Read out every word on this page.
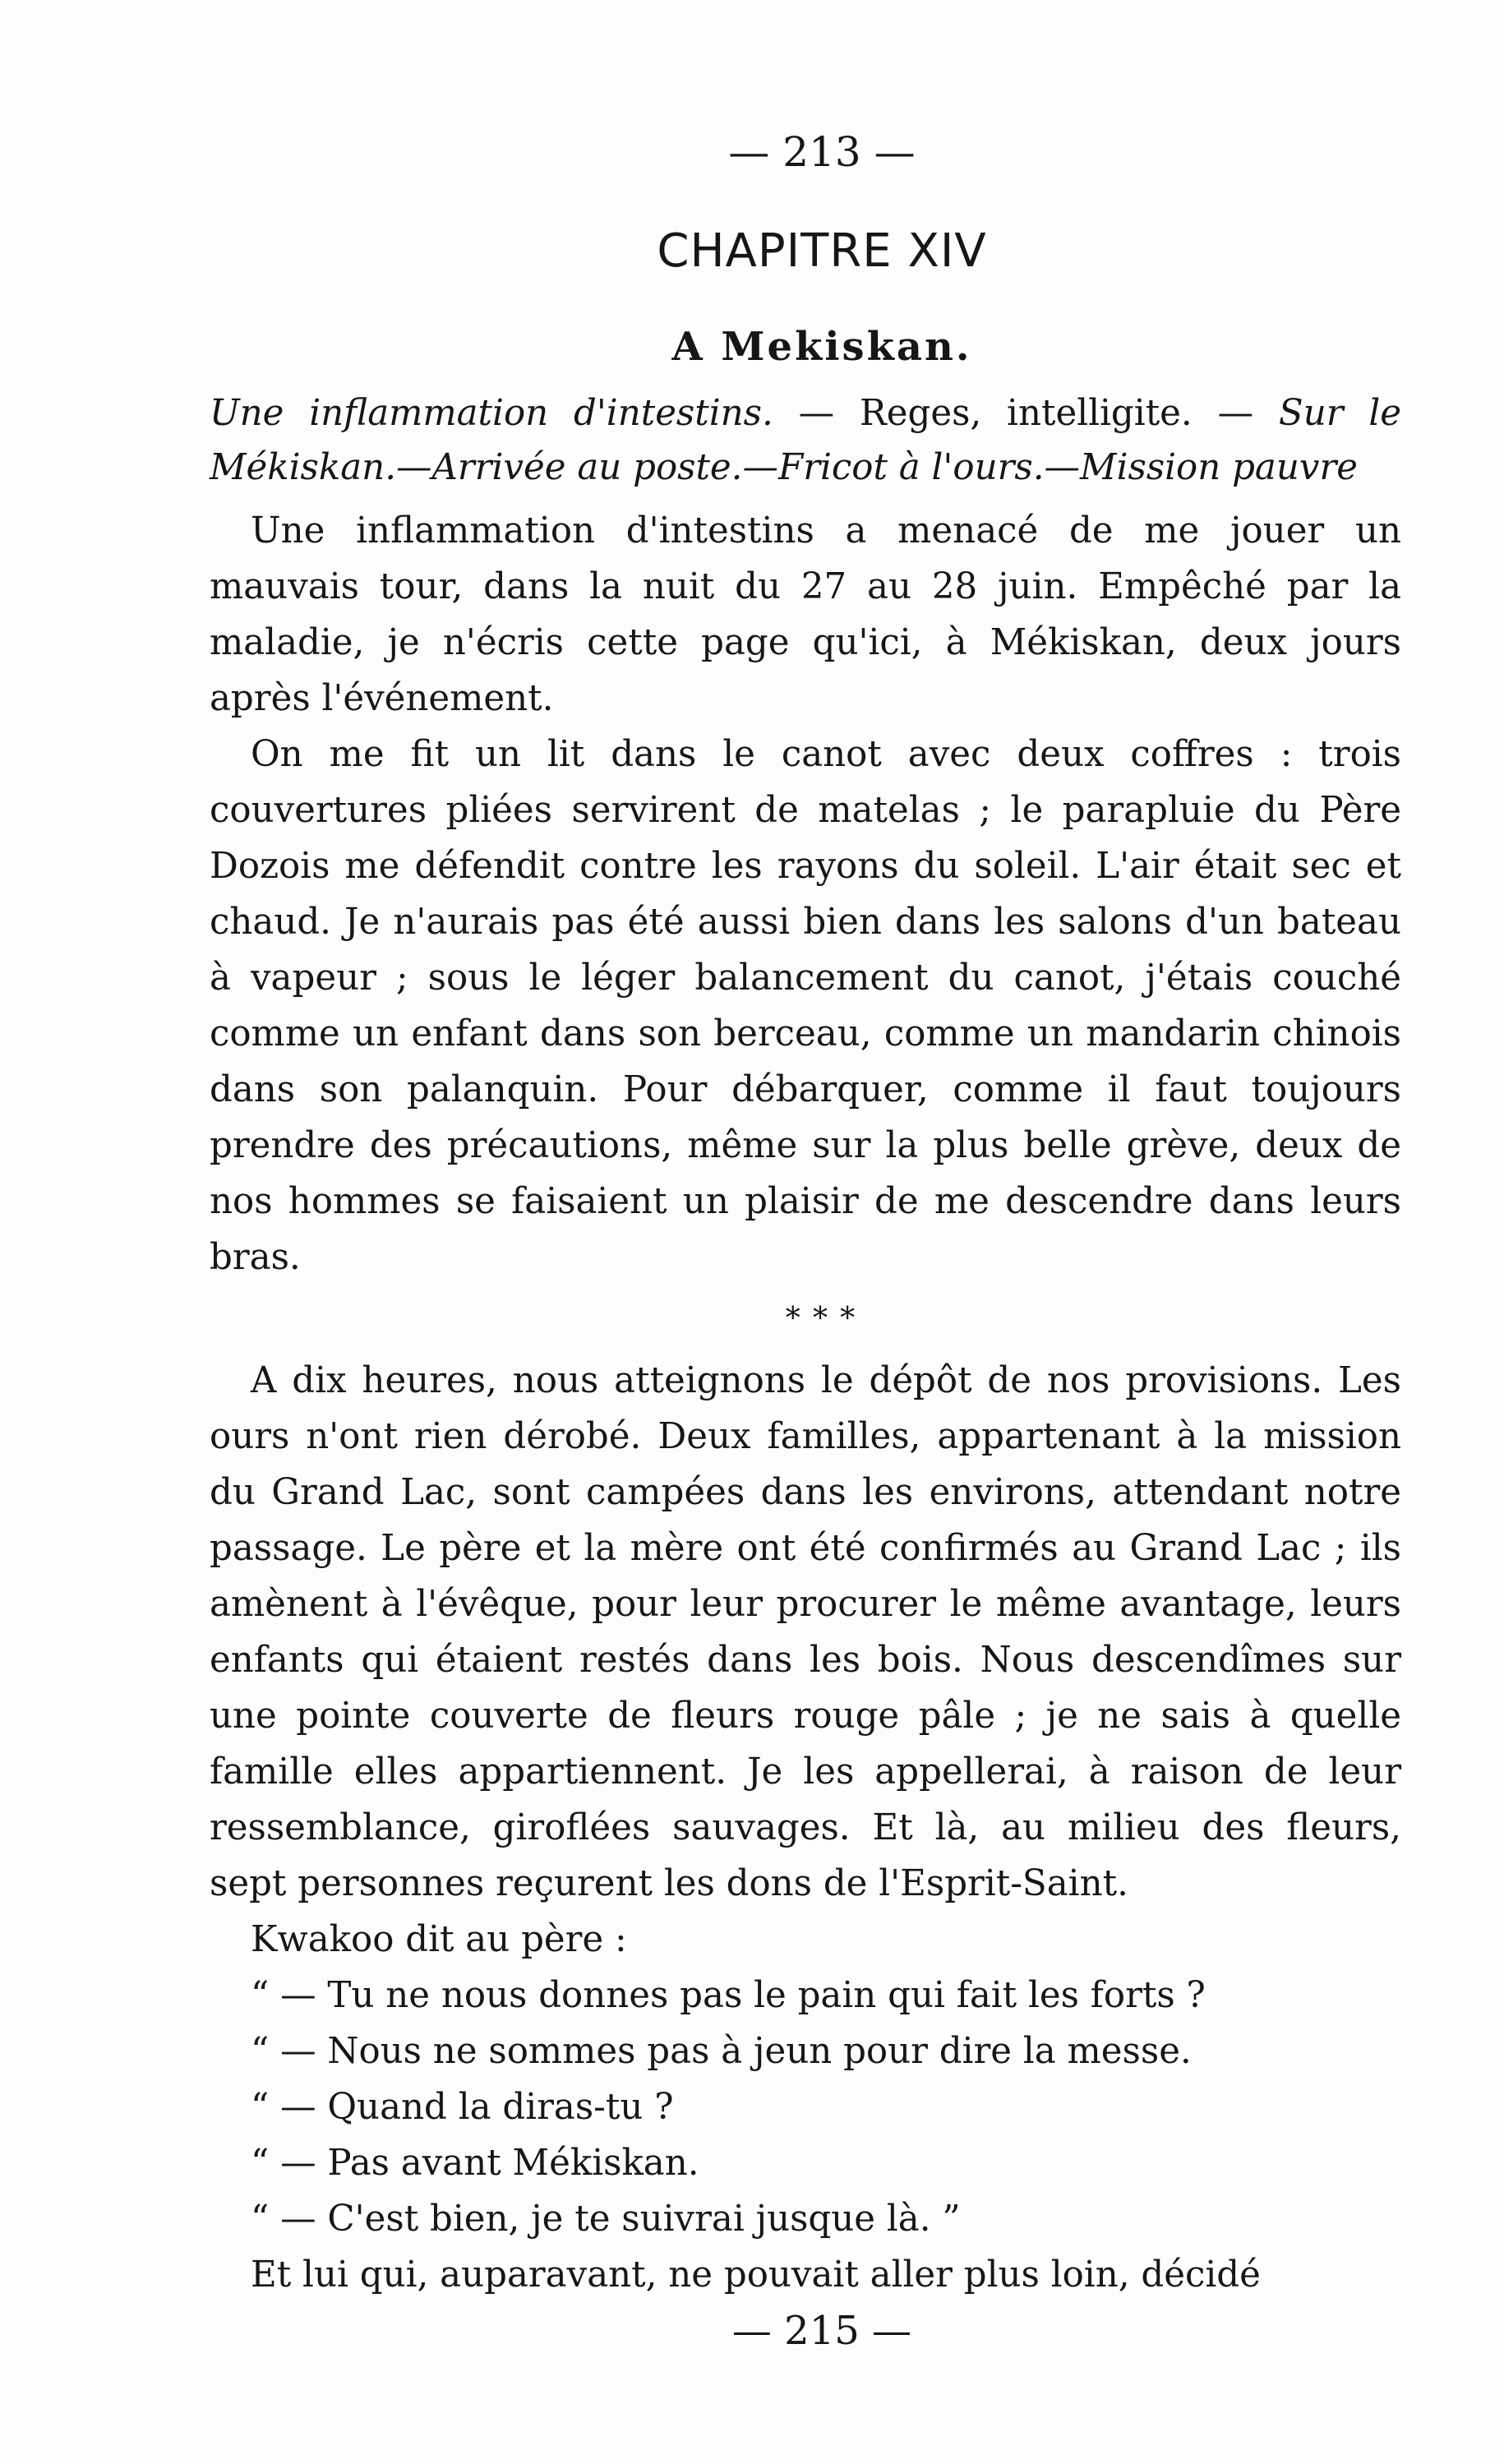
— 213 —
CHAPITRE XIV
A Mekiskan.
Une inflammation d'intestins. — Reges, intelligite. — Sur le Mékiskan.—Arrivée au poste.—Fricot à l'ours.—Mission pauvre

Une inflammation d'intestins a menacé de me jouer un mauvais tour, dans la nuit du 27 au 28 juin. Empêché par la maladie, je n'écris cette page qu'ici, à Mékiskan, deux jours après l'événement.

On me fit un lit dans le canot avec deux coffres : trois couvertures pliées servirent de matelas ; le parapluie du Père Dozois me défendit contre les rayons du soleil. L'air était sec et chaud. Je n'aurais pas été aussi bien dans les salons d'un bateau à vapeur ; sous le léger balancement du canot, j'étais couché comme un enfant dans son berceau, comme un mandarin chinois dans son palanquin. Pour débarquer, comme il faut toujours prendre des précautions, même sur la plus belle grève, deux de nos hommes se faisaient un plaisir de me descendre dans leurs bras.

* * *

A dix heures, nous atteignons le dépôt de nos provisions. Les ours n'ont rien dérobé. Deux familles, appartenant à la mission du Grand Lac, sont campées dans les environs, attendant notre passage. Le père et la mère ont été confirmés au Grand Lac ; ils amènent à l'évêque, pour leur procurer le même avantage, leurs enfants qui étaient restés dans les bois. Nous descendîmes sur une pointe couverte de fleurs rouge pâle ; je ne sais à quelle famille elles appartiennent. Je les appellerai, à raison de leur ressemblance, giroflées sauvages. Et là, au milieu des fleurs, sept personnes reçurent les dons de l'Esprit-Saint.

Kwakoo dit au père :
“ — Tu ne nous donnes pas le pain qui fait les forts ?
“ — Nous ne sommes pas à jeun pour dire la messe.
“ — Quand la diras-tu ?
“ — Pas avant Mékiskan.
“ — C'est bien, je te suivrai jusque là. ”
Et lui qui, auparavant, ne pouvait aller plus loin, décidé
— 215 —
